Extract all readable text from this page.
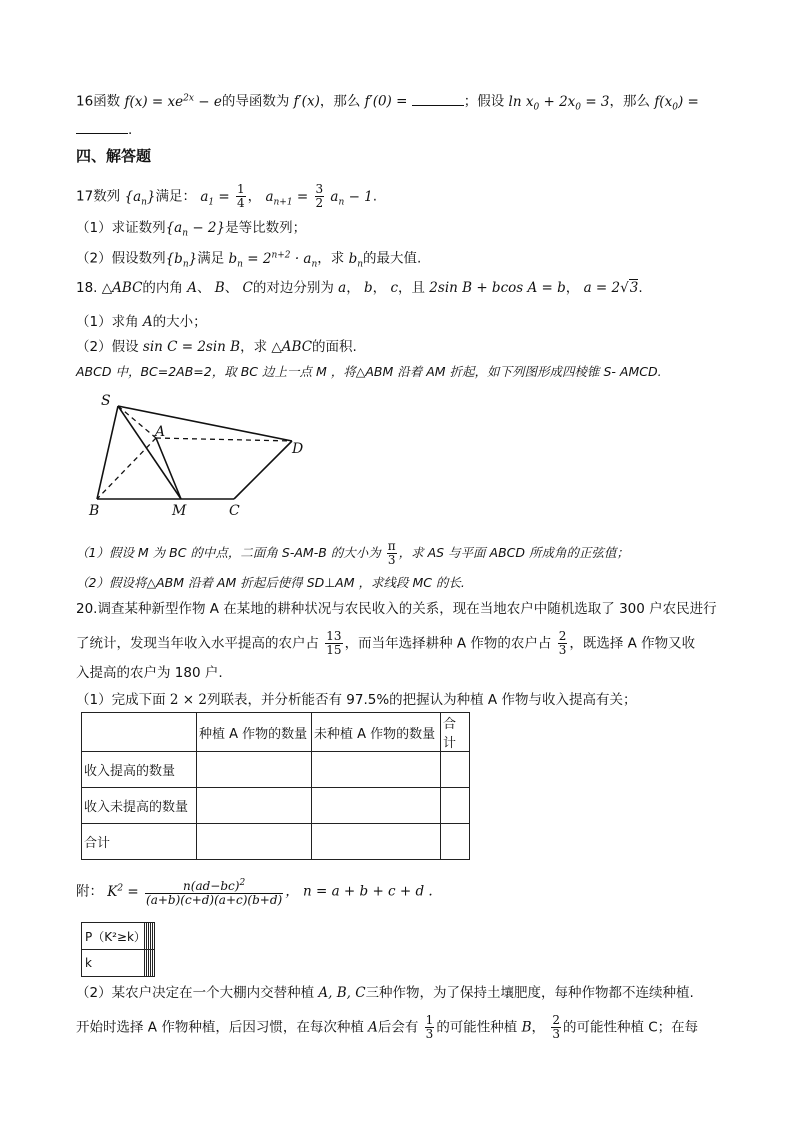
16函数 $f(x) = xe^{2x} - e$的导函数为 f′(x)，那么 f′(0) =	；假设 $\ln x_0 + 2x_0 = 3$，那么 $f(x_0)$ =
.
四、解答题
17数列 $\{a_n\}$满足： $a_1 = \frac{1}{4}$ ， $a_{n+1} = \frac{3}{2} a_n - 1$.
（1）求证数列$\{a_n - 2\}$是等比数列；
（2）假设数列$\{b_n\}$满足 $b_n = 2^{n+2} \cdot a_n$，求 $b_n$的最大值.
18. △ABC的内角 A、 B、 C的对边分别为 a， b， c，且 2sin B + bcos A = b， a = 2√3.
（1）求角 A的大小；
（2）假设 sin C = 2sin B，求 △ABC的面积.
ABCD 中，BC=2AB=2，取 BC 边上一点 M ，将△ABM 沿着 AM 折起，如下列图形成四棱锥 S- AMCD.
S
A
D
B	M	C
（1）假设 M 为 BC 的中点，二面角 S-AM-B 的大小为 $\frac{\pi}{3}$ ，求 AS 与平面 ABCD 所成角的正弦值；
（2）假设将△ABM 沿着 AM 折起后使得 SD⊥AM ，求线段 MC 的长.
20.调查某种新型作物 A 在某地的耕种状况与农民收入的关系，现在当地农户中随机选取了 300 户农民进行
了统计，发现当年收入水平提高的农户占 $\frac{13}{15}$ ，而当年选择耕种 A 作物的农户占 $\frac{2}{3}$ ，既选择 A 作物又收
入提高的农户为 180 户.
（1）完成下面 2 × 2列联表，并分析能否有 97.5%的把握认为种植 A 作物与收入提高有关；
	种植 A 作物的数量	未种植 A 作物的数量	合计
收入提高的数量			
收入未提高的数量			
合计			
附： $K^2 = \frac{n(ad-bc)^2}{(a+b)(c+d)(a+c)(b+d)}$ ， n = a + b + c + d .
P（K²≥k）					
k					
（2）某农户决定在一个大棚内交替种植 A, B, C三种作物，为了保持土壤肥度，每种作物都不连续种植.
开始时选择 A 作物种植，后因习惯，在每次种植 A后会有 $\frac{1}{3}$ 的可能性种植 B， $\frac{2}{3}$ 的可能性种植 C；在每
